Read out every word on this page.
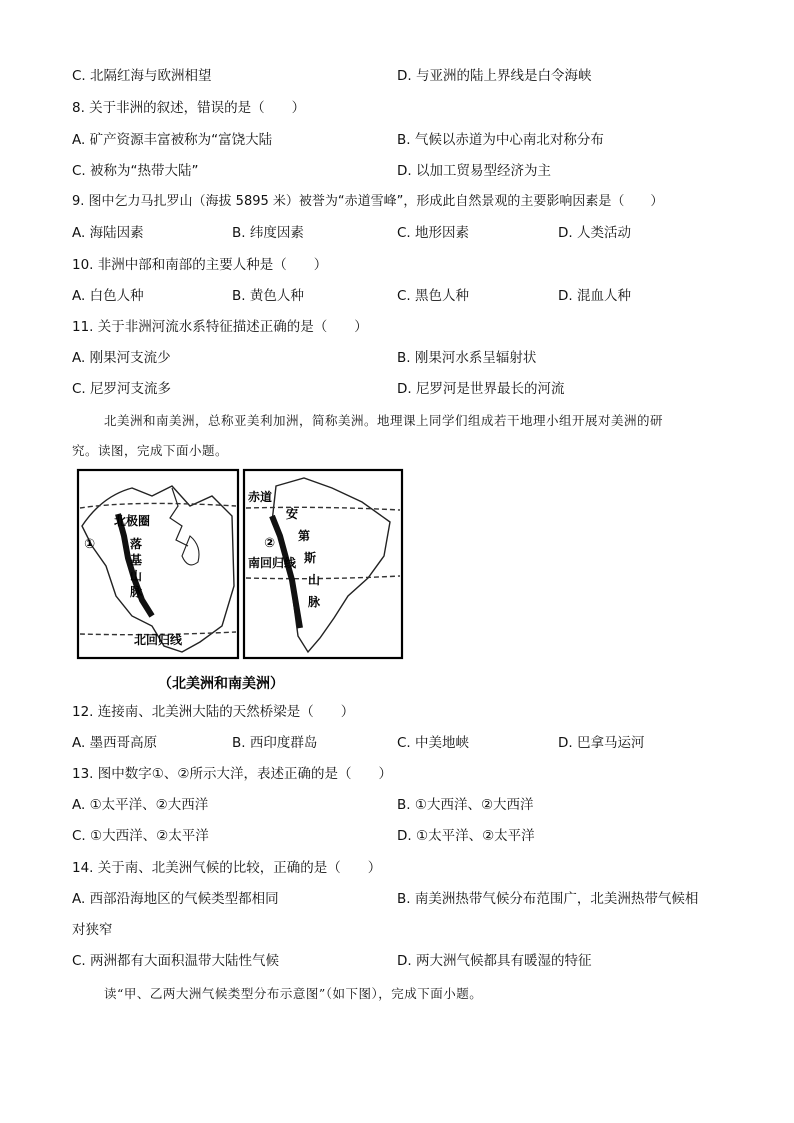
C. 北隔红海与欧洲相望	D. 与亚洲的陆上界线是白令海峡
8. 关于非洲的叙述，错误的是（　　）
A. 矿产资源丰富被称为“富饶大陆	B. 气候以赤道为中心南北对称分布
C. 被称为“热带大陆”	D. 以加工贸易型经济为主
9. 图中乞力马扎罗山（海拔 5895 米）被誉为“赤道雪峰”，形成此自然景观的主要影响因素是（　　）
A. 海陆因素	B. 纬度因素	C. 地形因素	D. 人类活动
10. 非洲中部和南部的主要人种是（　　）
A. 白色人种	B. 黄色人种	C. 黑色人种	D. 混血人种
11. 关于非洲河流水系特征描述正确的是（　　）
A. 刚果河支流少	B. 刚果河水系呈辐射状
C. 尼罗河支流多	D. 尼罗河是世界最长的河流
北美洲和南美洲，总称亚美利加洲，简称美洲。地理课上同学们组成若干地理小组开展对美洲的研
究。读图，完成下面小题。
北极圈
①	落
基
山
脉
北回归线
赤道
②
南回归线
安
第
斯
山
脉
（北美洲和南美洲）
12. 连接南、北美洲大陆的天然桥梁是（　　）
A. 墨西哥高原	B. 西印度群岛	C. 中美地峡	D. 巴拿马运河
13. 图中数字①、②所示大洋，表述正确的是（　　）
A. ①太平洋、②大西洋	B. ①大西洋、②大西洋
C. ①大西洋、②太平洋	D. ①太平洋、②太平洋
14. 关于南、北美洲气候的比较，正确的是（　　）
A. 西部沿海地区的气候类型都相同	B. 南美洲热带气候分布范围广，北美洲热带气候相
对狭窄
C. 两洲都有大面积温带大陆性气候	D. 两大洲气候都具有暖湿的特征
读“甲、乙两大洲气候类型分布示意图”（如下图），完成下面小题。
